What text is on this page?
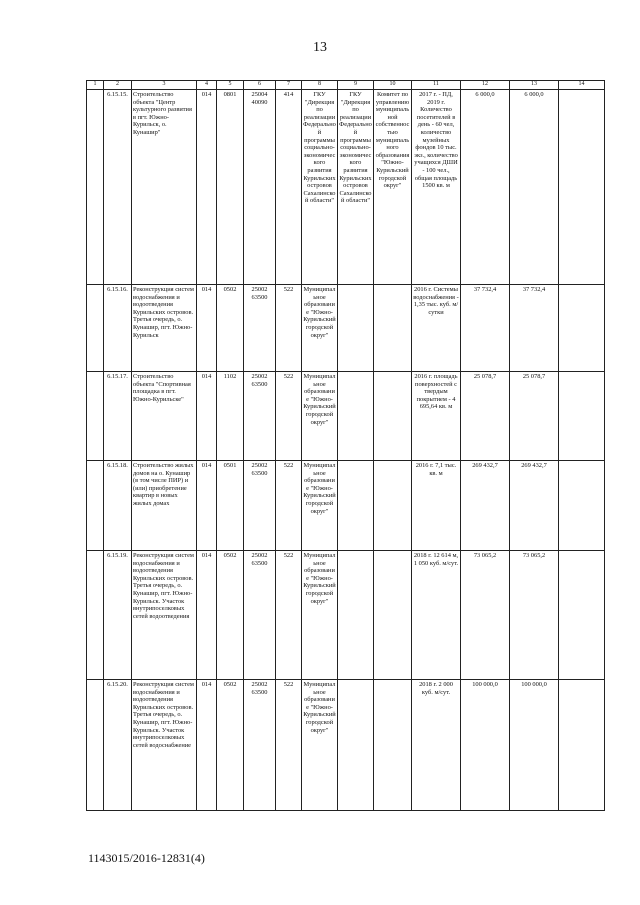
13
1	2	3	4	5	6	7	8	9	10	11	12	13	14
	6.15.15.	Строительство объекта "Центр культурного развития в пгт. Южно-Курильск, о. Кунашир"	014	0801	25004 40090	414	ГКУ "Дирекция по реализации Федеральной программы социально-экономического развития Курильских островов Сахалинской области"	ГКУ "Дирекция по реализации Федеральной программы социально-экономического развития Курильских островов Сахалинской области"	Комитет по управлению муниципальной собственностью муниципального образования "Южно-Курильский городской округ"	2017 г. - ПД, 2019 г. Количество посетителей в день - 60 чел, количество музейных фондов 10 тыс. экз., количество учащихся ДШИ - 100 чел., общая площадь 1500 кв. м	6 000,0	6 000,0	
	6.15.16.	Реконструкция систем водоснабжения и водоотведения Курильских островов. Третья очередь, о. Кунашир, пгт. Южно-Курильск	014	0502	25002 63500	522	Муниципальное образование "Южно-Курильский городской округ"			2016 г. Системы водоснабжения - 1,35 тыс. куб. м/сутки	37 732,4	37 732,4	
	6.15.17.	Строительство объекта "Спортивная площадка в пгт. Южно-Курильске"	014	1102	25002 63500	522	Муниципальное образование "Южно-Курильский городской округ"			2016 г. площадь поверхностей с твердым покрытием - 4 695,64 кв. м	25 078,7	25 078,7	
	6.15.18.	Строительство жилых домов на о. Кунашир (в том числе ПИР) и (или) приобретение квартир в новых жилых домах	014	0501	25002 63500	522	Муниципальное образование "Южно-Курильский городской округ"			2016 г. 7,1 тыс. кв. м	269 432,7	269 432,7	
	6.15.19.	Реконструкция систем водоснабжения и водоотведения Курильских островов. Третья очередь, о. Кунашир, пгт. Южно-Курильск. Участок внутрипоселковых сетей водоотведения	014	0502	25002 63500	522	Муниципальное образование "Южно-Курильский городской округ"			2018 г. 12 614 м, 1 050 куб. м/сут.	73 065,2	73 065,2	
	6.15.20.	Реконструкция систем водоснабжения и водоотведения Курильских островов. Третья очередь, о. Кунашир, пгт. Южно-Курильск. Участок внутрипоселковых сетей водоснабжение	014	0502	25002 63500	522	Муниципальное образование "Южно-Курильский городской округ"			2018 г. 2 000 куб. м/сут.	100 000,0	100 000,0	
1143015/2016-12831(4)
